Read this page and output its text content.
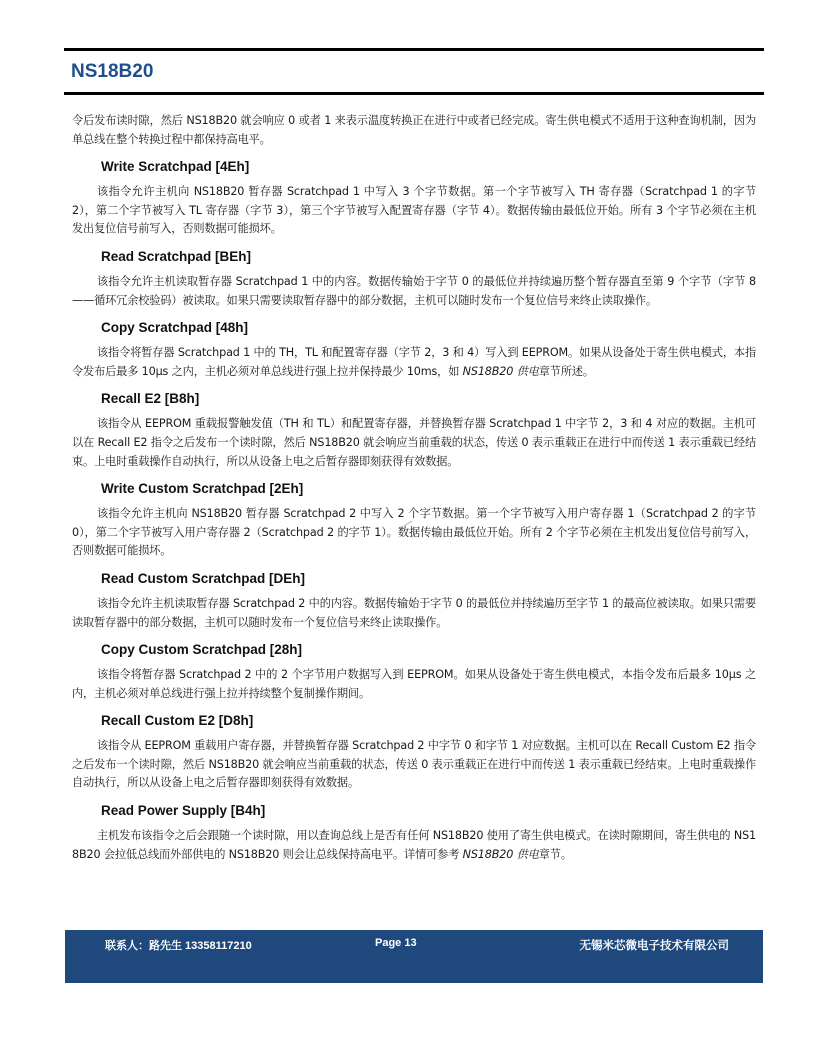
NS18B20

令后发布读时隙，然后 NS18B20 就会响应 0 或者 1 来表示温度转换正在进行中或者已经完成。寄生供电模式不适用于这种查询机制，因为单总线在整个转换过程中都保持高电平。

Write Scratchpad [4Eh]

该指令允许主机向 NS18B20 暂存器 Scratchpad 1 中写入 3 个字节数据。第一个字节被写入 TH 寄存器（Scratchpad 1 的字节 2），第二个字节被写入 TL 寄存器（字节 3），第三个字节被写入配置寄存器（字节 4）。数据传输由最低位开始。所有 3 个字节必须在主机发出复位信号前写入，否则数据可能损坏。

Read Scratchpad [BEh]

该指令允许主机读取暂存器 Scratchpad 1 中的内容。数据传输始于字节 0 的最低位并持续遍历整个暂存器直至第 9 个字节（字节 8——循环冗余校验码）被读取。如果只需要读取暂存器中的部分数据，主机可以随时发布一个复位信号来终止读取操作。

Copy Scratchpad [48h]

该指令将暂存器 Scratchpad 1 中的 TH，TL 和配置寄存器（字节 2，3 和 4）写入到 EEPROM。如果从设备处于寄生供电模式，本指令发布后最多 10µs 之内，主机必须对单总线进行强上拉并保持最少 10ms，如 NS18B20 供电章节所述。

Recall E2 [B8h]

该指令从 EEPROM 重载报警触发值（TH 和 TL）和配置寄存器，并替换暂存器 Scratchpad 1 中字节 2，3 和 4 对应的数据。主机可以在 Recall E2 指令之后发布一个读时隙，然后 NS18B20 就会响应当前重载的状态，传送 0 表示重载正在进行中而传送 1 表示重载已经结束。上电时重载操作自动执行，所以从设备上电之后暂存器即刻获得有效数据。

Write Custom Scratchpad [2Eh]

该指令允许主机向 NS18B20 暂存器 Scratchpad 2 中写入 2 个字节数据。第一个字节被写入用户寄存器 1（Scratchpad 2 的字节 0），第二个字节被写入用户寄存器 2（Scratchpad 2 的字节 1）。数据传输由最低位开始。所有 2 个字节必须在主机发出复位信号前写入，否则数据可能损坏。

Read Custom Scratchpad [DEh]

该指令允许主机读取暂存器 Scratchpad 2 中的内容。数据传输始于字节 0 的最低位并持续遍历至字节 1 的最高位被读取。如果只需要读取暂存器中的部分数据，主机可以随时发布一个复位信号来终止读取操作。

Copy Custom Scratchpad [28h]

该指令将暂存器 Scratchpad 2 中的 2 个字节用户数据写入到 EEPROM。如果从设备处于寄生供电模式，本指令发布后最多 10µs 之内，主机必须对单总线进行强上拉并持续整个复制操作期间。

Recall Custom E2 [D8h]

该指令从 EEPROM 重载用户寄存器，并替换暂存器 Scratchpad 2 中字节 0 和字节 1 对应数据。主机可以在 Recall Custom E2 指令之后发布一个读时隙，然后 NS18B20 就会响应当前重载的状态，传送 0 表示重载正在进行中而传送 1 表示重载已经结束。上电时重载操作自动执行，所以从设备上电之后暂存器即刻获得有效数据。

Read Power Supply [B4h]

主机发布该指令之后会跟随一个读时隙，用以查询总线上是否有任何 NS18B20 使用了寄生供电模式。在读时隙期间，寄生供电的 NS18B20 会拉低总线而外部供电的 NS18B20 则会让总线保持高电平。详情可参考 NS18B20 供电章节。

联系人：路先生 13358117210	Page 13	无锡米芯微电子技术有限公司
